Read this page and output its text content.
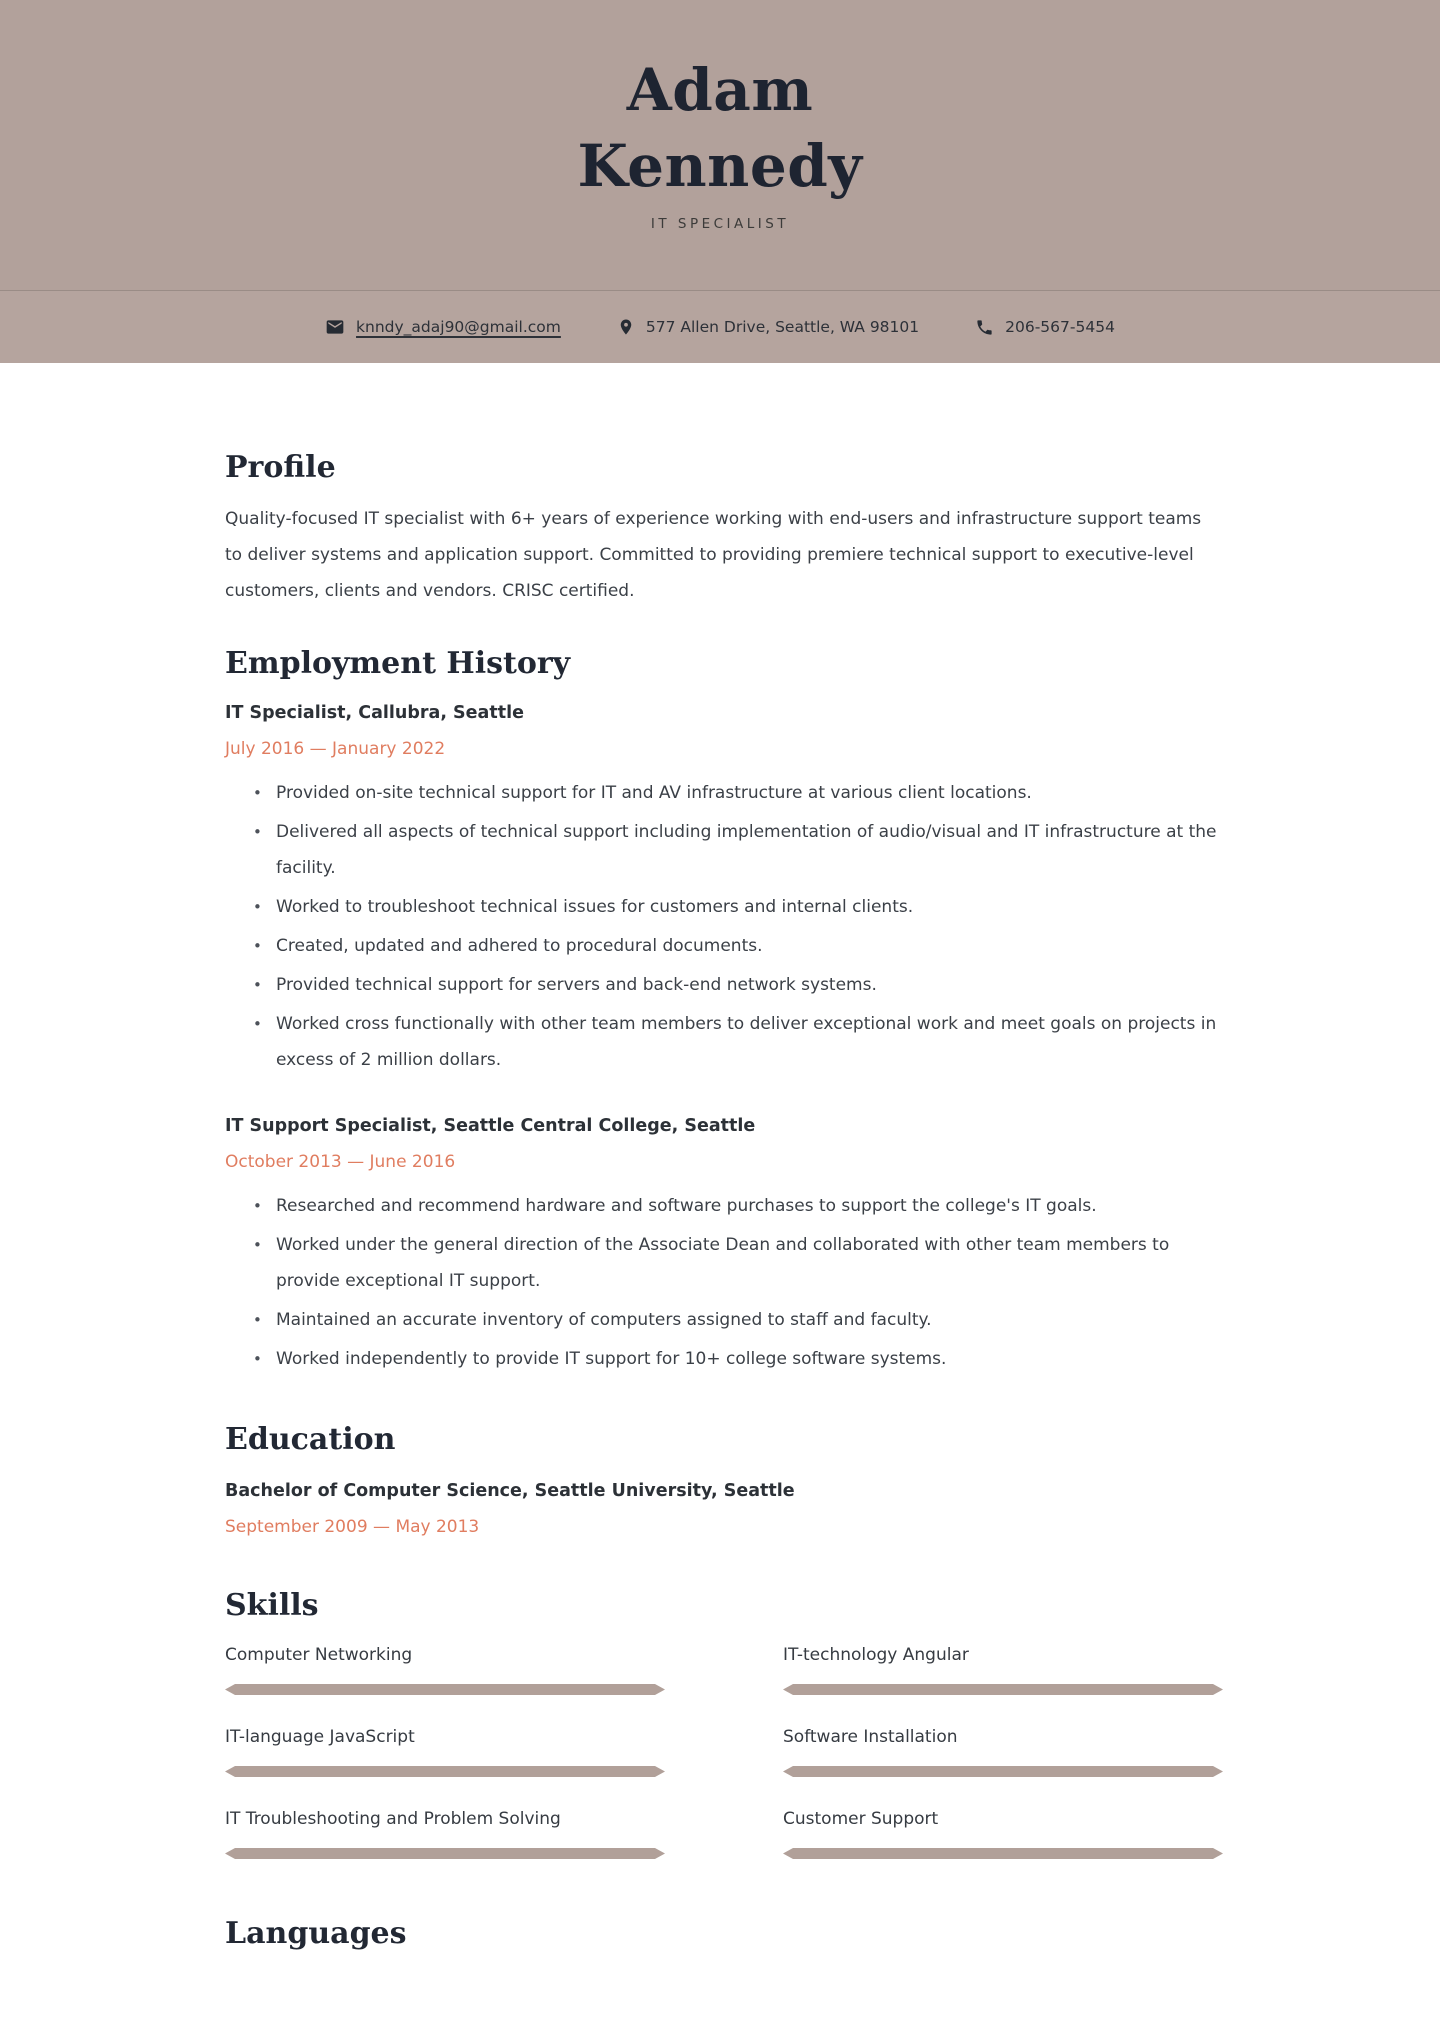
Adam
Kennedy
IT SPECIALIST
knndy_adaj90@gmail.com	577 Allen Drive, Seattle, WA 98101	206-567-5454
Profile
Quality-focused IT specialist with 6+ years of experience working with end-users and infrastructure support teams to deliver systems and application support. Committed to providing premiere technical support to executive-level customers, clients and vendors. CRISC certified.
Employment History
IT Specialist, Callubra, Seattle
July 2016 — January 2022
• Provided on-site technical support for IT and AV infrastructure at various client locations.
• Delivered all aspects of technical support including implementation of audio/visual and IT infrastructure at the facility.
• Worked to troubleshoot technical issues for customers and internal clients.
• Created, updated and adhered to procedural documents.
• Provided technical support for servers and back-end network systems.
• Worked cross functionally with other team members to deliver exceptional work and meet goals on projects in excess of 2 million dollars.
IT Support Specialist, Seattle Central College, Seattle
October 2013 — June 2016
• Researched and recommend hardware and software purchases to support the college's IT goals.
• Worked under the general direction of the Associate Dean and collaborated with other team members to provide exceptional IT support.
• Maintained an accurate inventory of computers assigned to staff and faculty.
• Worked independently to provide IT support for 10+ college software systems.
Education
Bachelor of Computer Science, Seattle University, Seattle
September 2009 — May 2013
Skills
Computer Networking	IT-technology Angular
IT-language JavaScript	Software Installation
IT Troubleshooting and Problem Solving	Customer Support
Languages
